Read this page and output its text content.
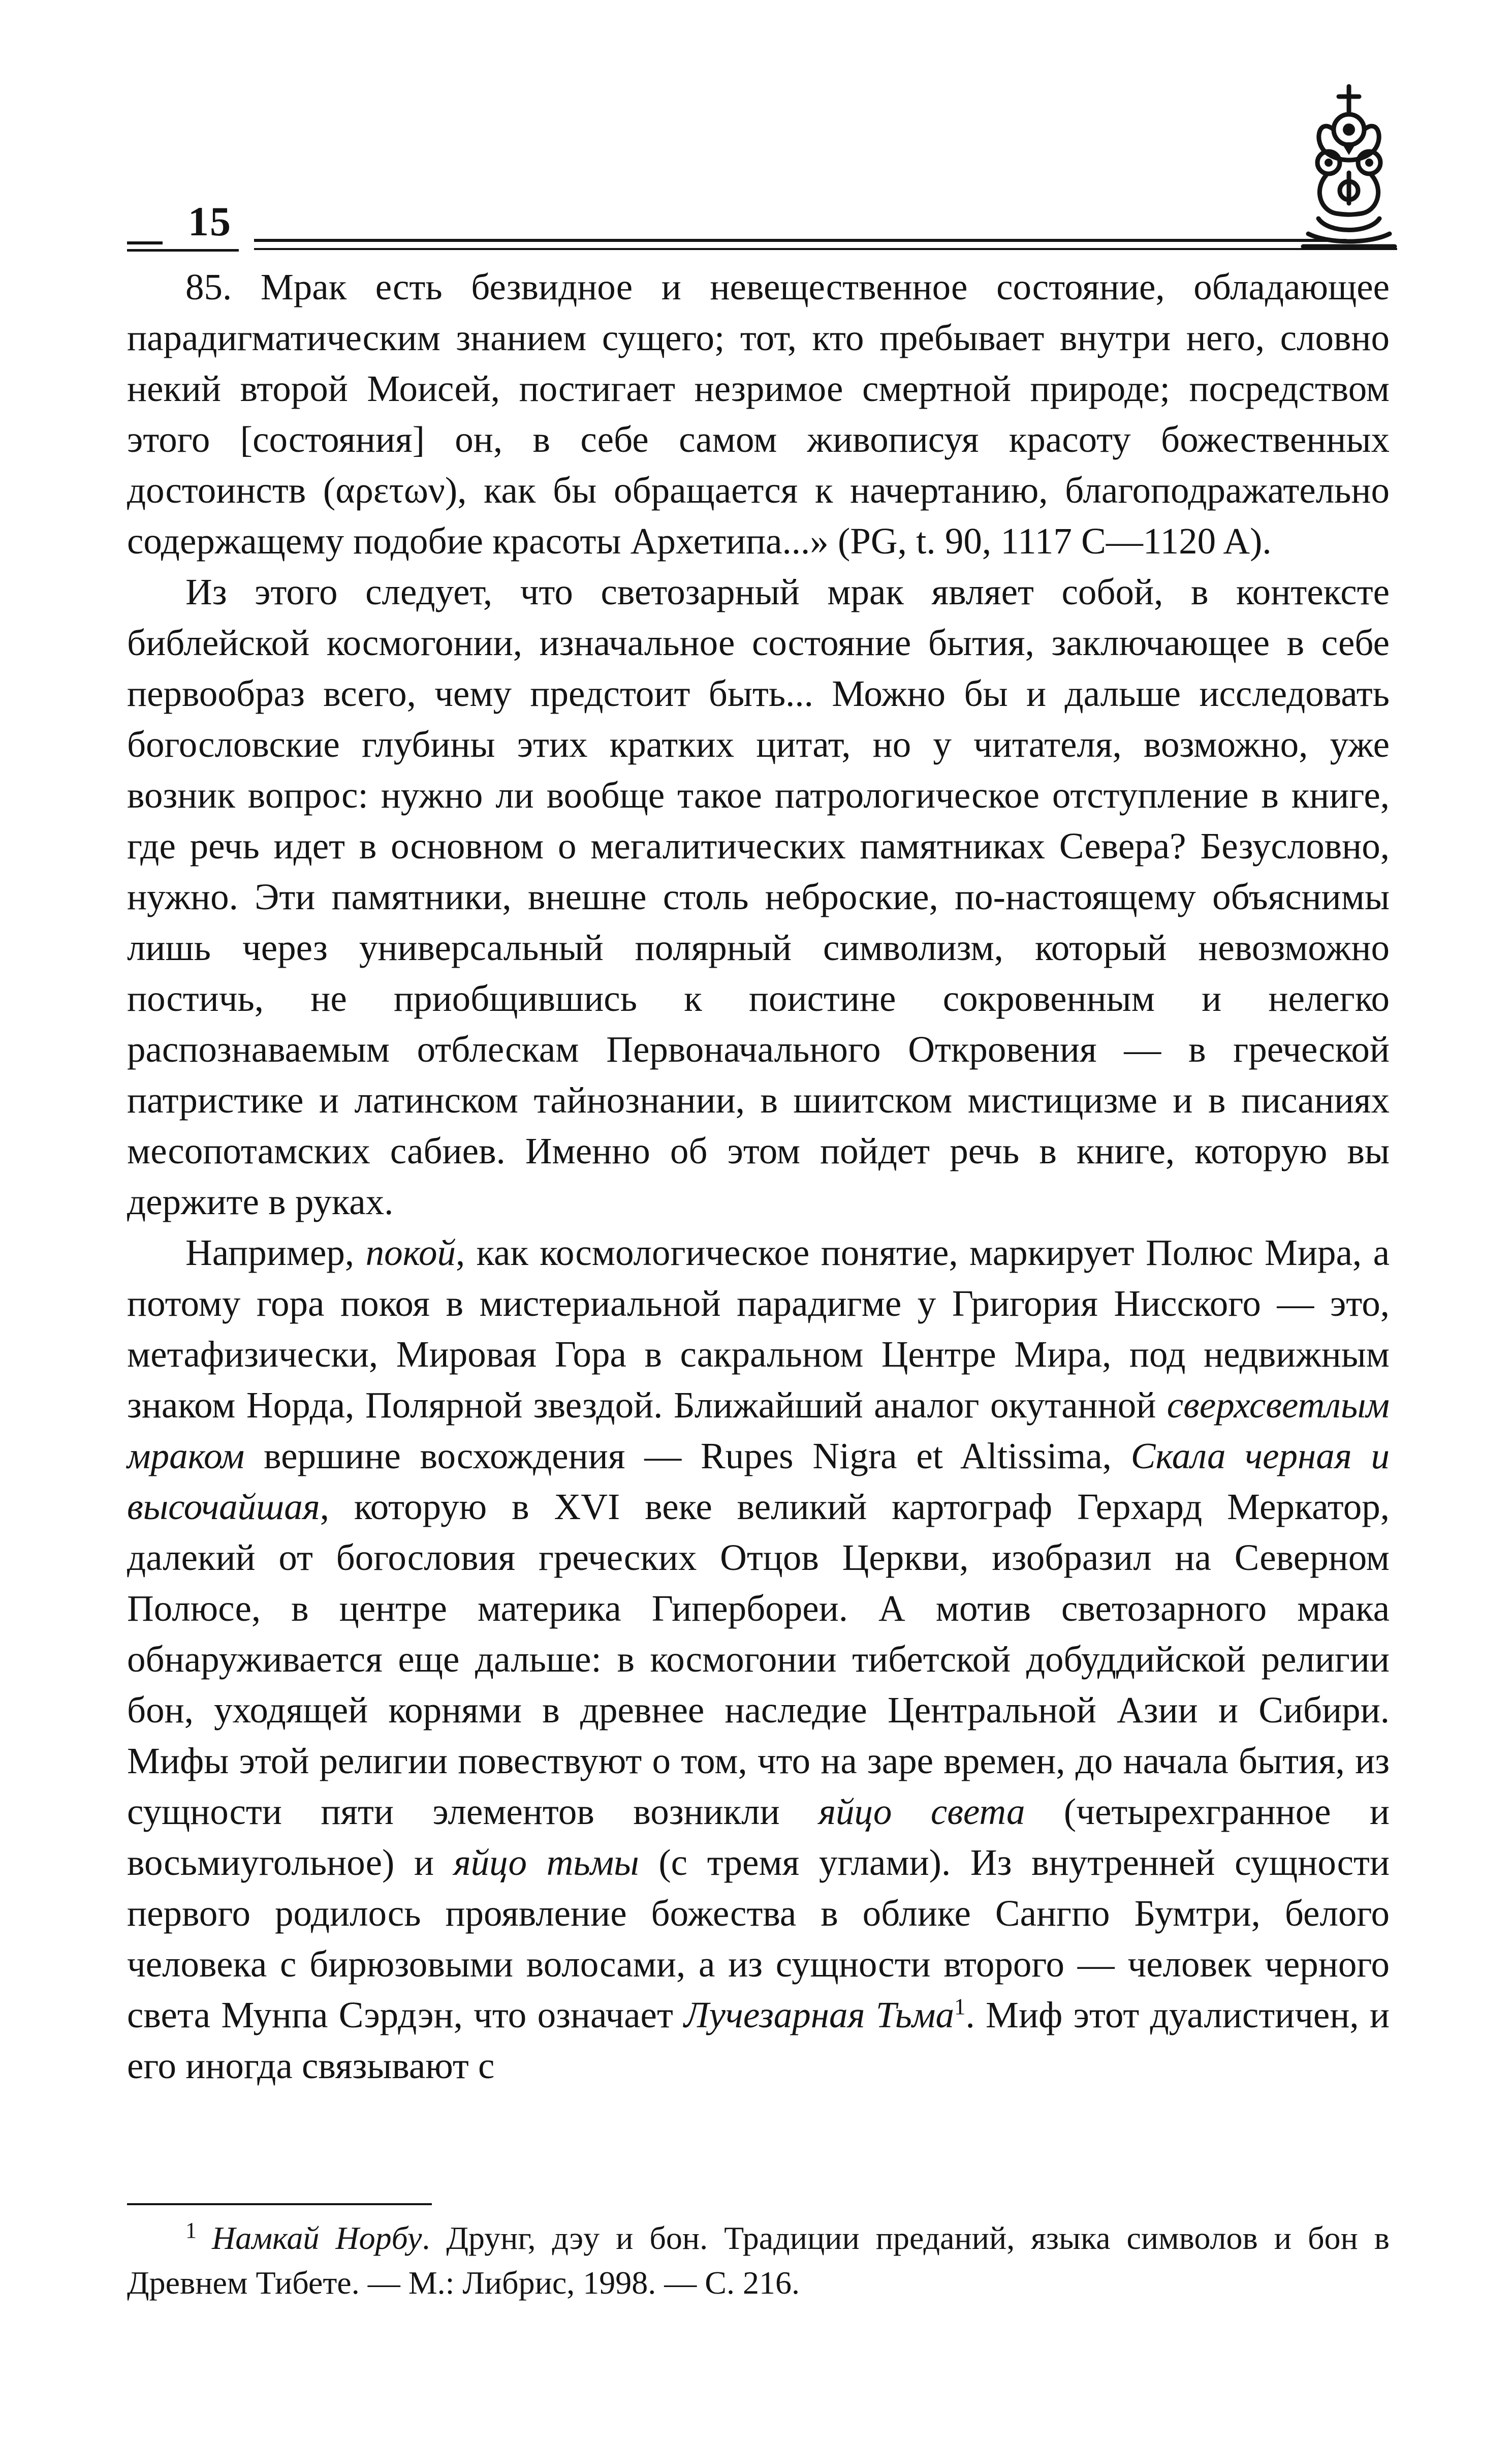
15

85. Мрак есть безвидное и невещественное состояние, обладающее парадигматическим знанием сущего; тот, кто пребывает внутри него, словно некий второй Моисей, постигает незримое смертной природе; посредством этого [состояния] он, в себе самом живописуя красоту божественных достоинств (αρετων), как бы обращается к начертанию, благоподражательно содержащему подобие красоты Архетипа...» (PG, t. 90, 1117 C—1120 A).

Из этого следует, что светозарный мрак являет собой, в контексте библейской космогонии, изначальное состояние бытия, заключающее в себе первообраз всего, чему предстоит быть... Можно бы и дальше исследовать богословские глубины этих кратких цитат, но у читателя, возможно, уже возник вопрос: нужно ли вообще такое патрологическое отступление в книге, где речь идет в основном о мегалитических памятниках Севера? Безусловно, нужно. Эти памятники, внешне столь неброские, по-настоящему объяснимы лишь через универсальный полярный символизм, который невозможно постичь, не приобщившись к поистине сокровенным и нелегко распознаваемым отблескам Первоначального Откровения — в греческой патристике и латинском тайнознании, в шиитском мистицизме и в писаниях месопотамских сабиев. Именно об этом пойдет речь в книге, которую вы держите в руках.

Например, покой, как космологическое понятие, маркирует Полюс Мира, а потому гора покоя в мистериальной парадигме у Григория Нисского — это, метафизически, Мировая Гора в сакральном Центре Мира, под недвижным знаком Норда, Полярной звездой. Ближайший аналог окутанной сверхсветлым мраком вершине восхождения — Rupes Nigra et Altissima, Скала черная и высочайшая, которую в XVI веке великий картограф Герхард Меркатор, далекий от богословия греческих Отцов Церкви, изобразил на Северном Полюсе, в центре материка Гипербореи. А мотив светозарного мрака обнаруживается еще дальше: в космогонии тибетской добуддийской религии бон, уходящей корнями в древнее наследие Центральной Азии и Сибири. Мифы этой религии повествуют о том, что на заре времен, до начала бытия, из сущности пяти элементов возникли яйцо света (четырехгранное и восьмиугольное) и яйцо тьмы (с тремя углами). Из внутренней сущности первого родилось проявление божества в облике Сангпо Бумтри, белого человека с бирюзовыми волосами, а из сущности второго — человек черного света Мунпа Сэрдэн, что означает Лучезарная Тьма$^1$. Миф этот дуалистичен, и его иногда связывают с

$^1$ Намкай Норбу. Друнг, дэу и бон. Традиции преданий, языка символов и бон в Древнем Тибете. — М.: Либрис, 1998. — С. 216.
